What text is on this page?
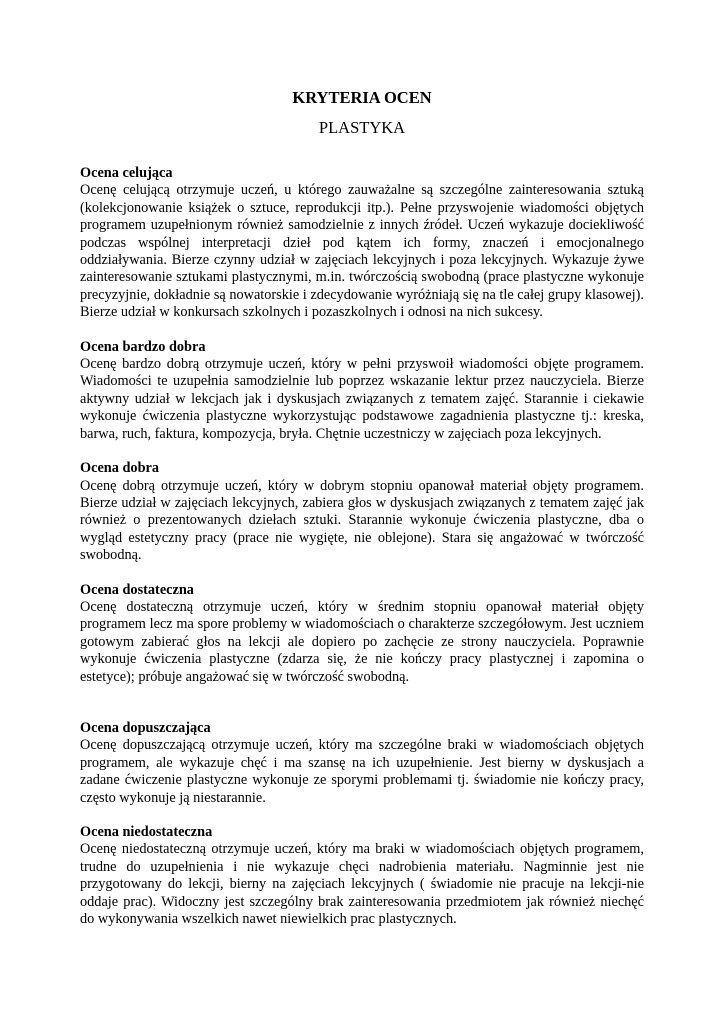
KRYTERIA OCEN
PLASTYKA
Ocena celująca

Ocenę celującą otrzymuje uczeń, u którego zauważalne są szczególne zainteresowania sztuką (kolekcjonowanie książek o sztuce, reprodukcji itp.). Pełne przyswojenie wiadomości objętych programem uzupełnionym również samodzielnie z innych źródeł. Uczeń wykazuje dociekliwość podczas wspólnej interpretacji dzieł pod kątem ich formy, znaczeń i emocjonalnego oddziaływania. Bierze czynny udział w zajęciach lekcyjnych i poza lekcyjnych. Wykazuje żywe zainteresowanie sztukami plastycznymi, m.in. twórczością swobodną (prace plastyczne wykonuje precyzyjnie, dokładnie są nowatorskie i zdecydowanie wyróżniają się na tle całej grupy klasowej). Bierze udział w konkursach szkolnych i pozaszkolnych i odnosi na nich sukcesy.

Ocena bardzo dobra

Ocenę bardzo dobrą otrzymuje uczeń, który w pełni przyswoił wiadomości objęte programem. Wiadomości te uzupełnia samodzielnie lub poprzez wskazanie lektur przez nauczyciela. Bierze aktywny udział w lekcjach jak i dyskusjach związanych z tematem zajęć. Starannie i ciekawie wykonuje ćwiczenia plastyczne wykorzystując podstawowe zagadnienia plastyczne tj.: kreska, barwa, ruch, faktura, kompozycja, bryła. Chętnie uczestniczy w zajęciach poza lekcyjnych.

Ocena dobra

Ocenę dobrą otrzymuje uczeń, który w dobrym stopniu opanował materiał objęty programem. Bierze udział w zajęciach lekcyjnych, zabiera głos w dyskusjach związanych z tematem zajęć jak również o prezentowanych dziełach sztuki. Starannie wykonuje ćwiczenia plastyczne, dba o wygląd estetyczny pracy (prace nie wygięte, nie oblejone). Stara się angażować w twórczość swobodną.

Ocena dostateczna

Ocenę dostateczną otrzymuje uczeń, który w średnim stopniu opanował materiał objęty programem lecz ma spore problemy w wiadomościach o charakterze szczegółowym. Jest uczniem gotowym zabierać głos na lekcji ale dopiero po zachęcie ze strony nauczyciela. Poprawnie wykonuje ćwiczenia plastyczne (zdarza się, że nie kończy pracy plastycznej i zapomina o estetyce); próbuje angażować się w twórczość swobodną.

Ocena dopuszczająca

Ocenę dopuszczającą otrzymuje uczeń, który ma szczególne braki w wiadomościach objętych programem, ale wykazuje chęć i ma szansę na ich uzupełnienie. Jest bierny w dyskusjach a zadane ćwiczenie plastyczne wykonuje ze sporymi problemami tj. świadomie nie kończy pracy, często wykonuje ją niestarannie.

Ocena niedostateczna

Ocenę niedostateczną otrzymuje uczeń, który ma braki w wiadomościach objętych programem, trudne do uzupełnienia i nie wykazuje chęci nadrobienia materiału. Nagminnie jest nie przygotowany do lekcji, bierny na zajęciach lekcyjnych ( świadomie nie pracuje na lekcji-nie oddaje prac). Widoczny jest szczególny brak zainteresowania przedmiotem jak również niechęć do wykonywania wszelkich nawet niewielkich prac plastycznych.
